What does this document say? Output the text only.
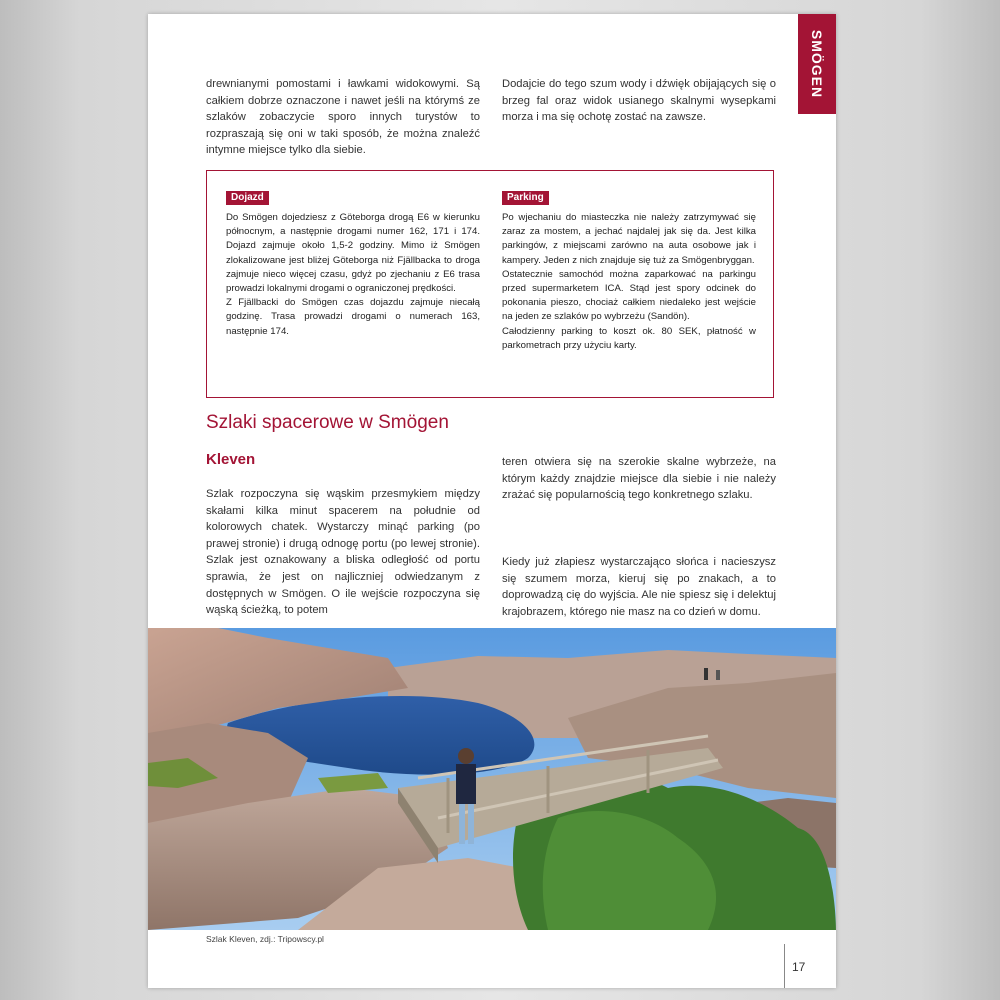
SMÖGEN

drewnianymi pomostami i ławkami widokowymi. Są całkiem dobrze oznaczone i nawet jeśli na którymś ze szlaków zobaczycie sporo innych turystów to rozpraszają się oni w taki sposób, że można znaleźć intymne miejsce tylko dla siebie.

Dodajcie do tego szum wody i dźwięk obijających się o brzeg fal oraz widok usianego skalnymi wysepkami morza i ma się ochotę zostać na zawsze.

Dojazd

Do Smögen dojedziesz z Göteborga drogą E6 w kierunku północnym, a następnie drogami numer 162, 171 i 174. Dojazd zajmuje około 1,5-2 godziny. Mimo iż Smögen zlokalizowane jest bliżej Göteborga niż Fjällbacka to droga zajmuje nieco więcej czasu, gdyż po zjechaniu z E6 trasa prowadzi lokalnymi drogami o ograniczonej prędkości.

Z Fjällbacki do Smögen czas dojazdu zajmuje niecałą godzinę. Trasa prowadzi drogami o numerach 163, następnie 174.

Parking

Po wjechaniu do miasteczka nie należy zatrzymywać się zaraz za mostem, a jechać najdalej jak się da. Jest kilka parkingów, z miejscami zarówno na auta osobowe jak i kampery. Jeden z nich znajduje się tuż za Smögenbryggan.

Ostatecznie samochód można zaparkować na parkingu przed supermarketem ICA. Stąd jest spory odcinek do pokonania pieszo, chociaż całkiem niedaleko jest wejście na jeden ze szlaków po wybrzeżu (Sandön).

Całodzienny parking to koszt ok. 80 SEK, płatność w parkometrach przy użyciu karty.

Szlaki spacerowe w Smögen
Kleven

Szlak rozpoczyna się wąskim przesmykiem między skałami kilka minut spacerem na południe od kolorowych chatek. Wystarczy minąć parking (po prawej stronie) i drugą odnogę portu (po lewej stronie). Szlak jest oznakowany a bliska odległość od portu sprawia, że jest on najliczniej odwiedzanym z dostępnych w Smögen. O ile wejście rozpoczyna się wąską ścieżką, to potem

teren otwiera się na szerokie skalne wybrzeże, na którym każdy znajdzie miejsce dla siebie i nie należy zrażać się popularnością tego konkretnego szlaku.

Kiedy już złapiesz wystarczająco słońca i nacieszysz się szumem morza, kieruj się po znakach, a to doprowadzą cię do wyjścia. Ale nie spiesz się i delektuj krajobrazem, którego nie masz na co dzień w domu.

Szlak Kleven, zdj.: Tripowscy.pl
17
